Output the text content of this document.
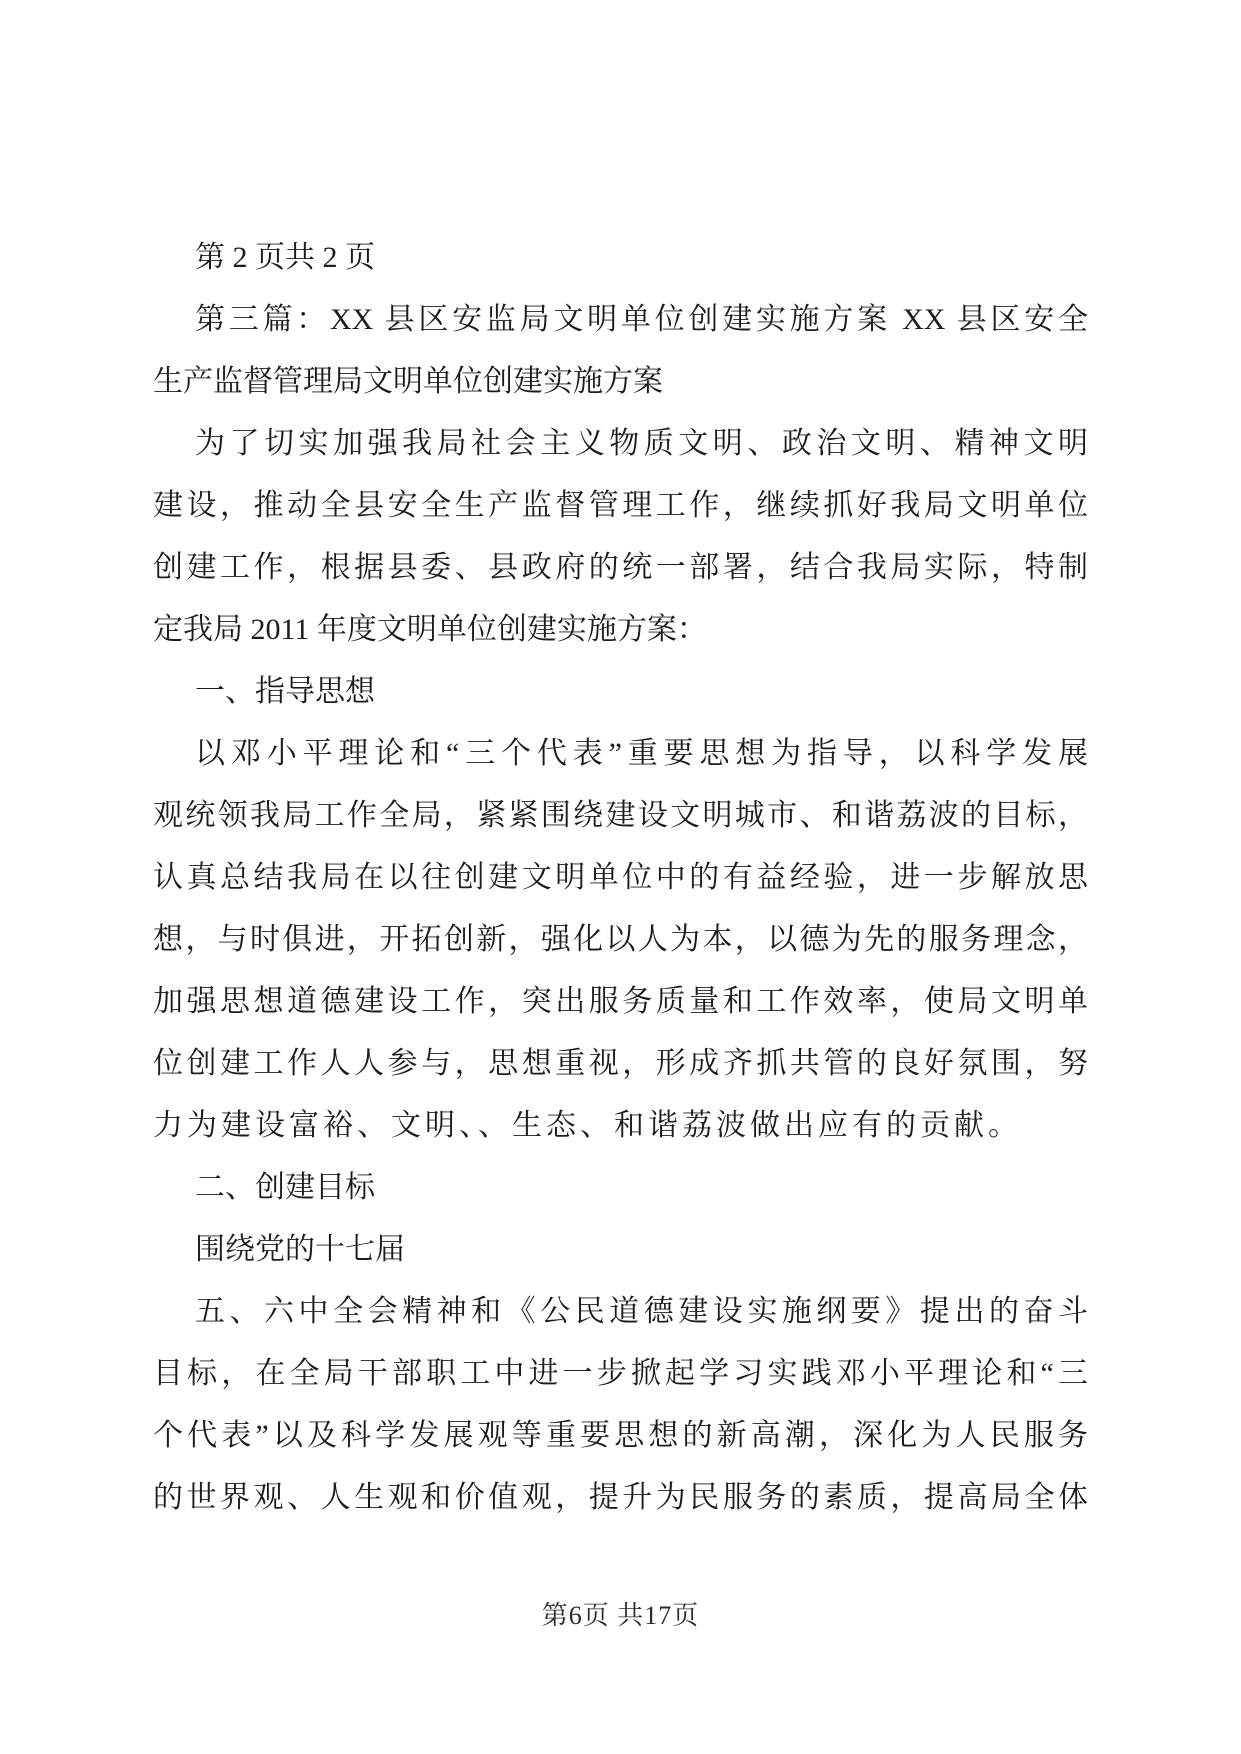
第 2 页共 2 页
第三篇：XX 县区安监局文明单位创建实施方案 XX 县区安全
生产监督管理局文明单位创建实施方案
为了切实加强我局社会主义物质文明、政治文明、精神文明
建设，推动全县安全生产监督管理工作，继续抓好我局文明单位
创建工作，根据县委、县政府的统一部署，结合我局实际，特制
定我局 2011 年度文明单位创建实施方案：
一、指导思想
以邓小平理论和“三个代表”重要思想为指导，以科学发展
观统领我局工作全局，紧紧围绕建设文明城市、和谐荔波的目标，
认真总结我局在以往创建文明单位中的有益经验，进一步解放思
想，与时俱进，开拓创新，强化以人为本，以德为先的服务理念，
加强思想道德建设工作，突出服务质量和工作效率，使局文明单
位创建工作人人参与，思想重视，形成齐抓共管的良好氛围，努
力为建设富裕、文明、、生态、和谐荔波做出应有的贡献。
二、创建目标
围绕党的十七届
五、六中全会精神和《公民道德建设实施纲要》提出的奋斗
目标，在全局干部职工中进一步掀起学习实践邓小平理论和“三
个代表”以及科学发展观等重要思想的新高潮，深化为人民服务
的世界观、人生观和价值观，提升为民服务的素质，提高局全体
第6页 共17页
